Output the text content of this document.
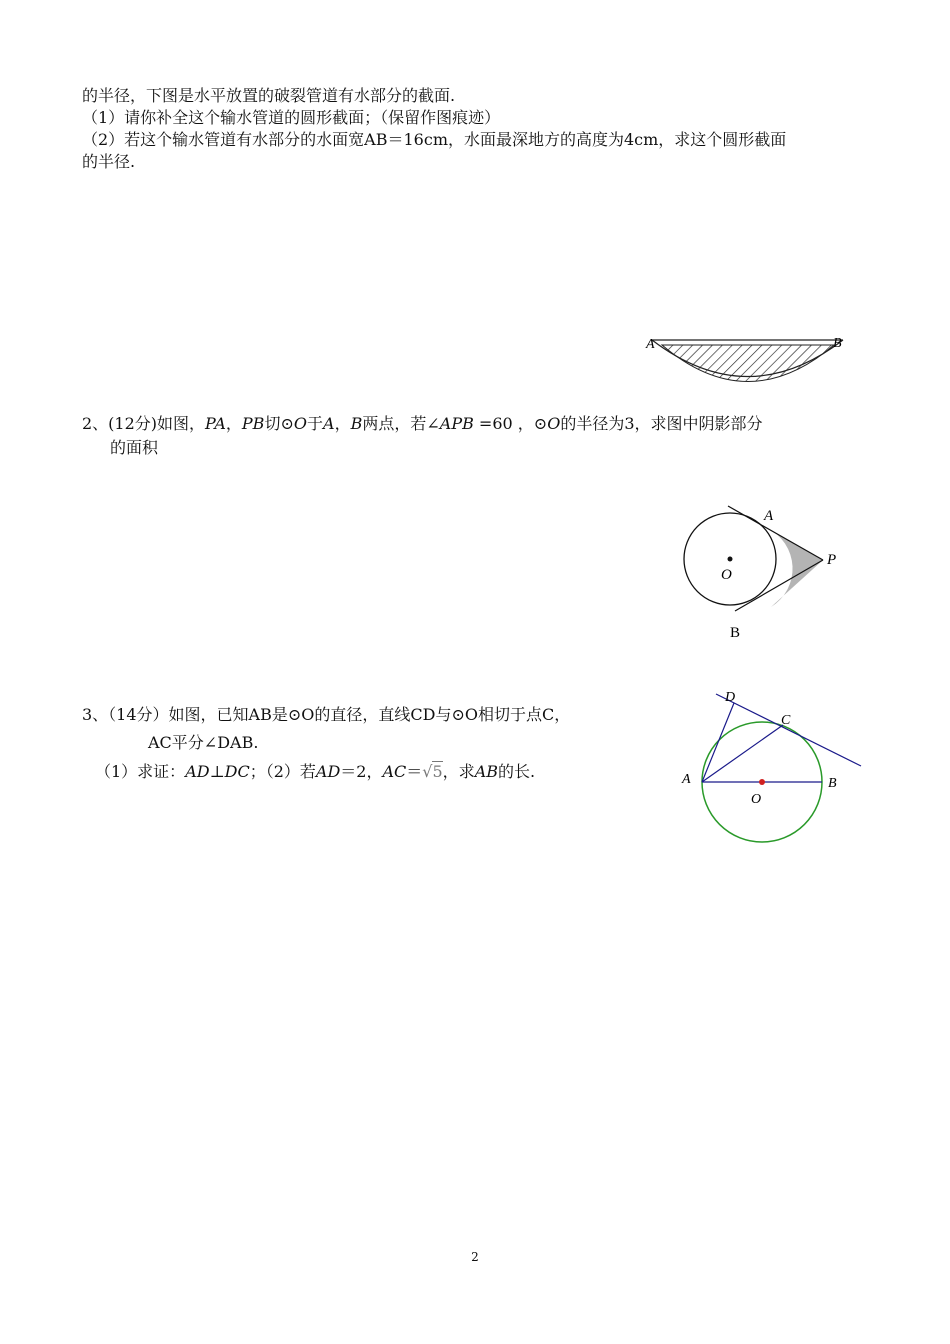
的半径，下图是水平放置的破裂管道有水部分的截面.
（1）请你补全这个输水管道的圆形截面；（保留作图痕迹）
（2）若这个输水管道有水部分的水面宽AB＝16cm，水面最深地方的高度为4cm，求这个圆形截面
的半径.
A	B
2、(12分)如图，PA，PB切⊙O于A，B两点，若∠APB =60 ，⊙O的半径为3，求图中阴影部分
的面积
A
O
P
B
3、（14分）如图，已知AB是⊙O的直径，直线CD与⊙O相切于点C，
AC平分∠DAB.
（1）求证：AD⊥DC；（2）若AD＝2，AC＝√5，求AB的长.
D
C
A	B
O
2
